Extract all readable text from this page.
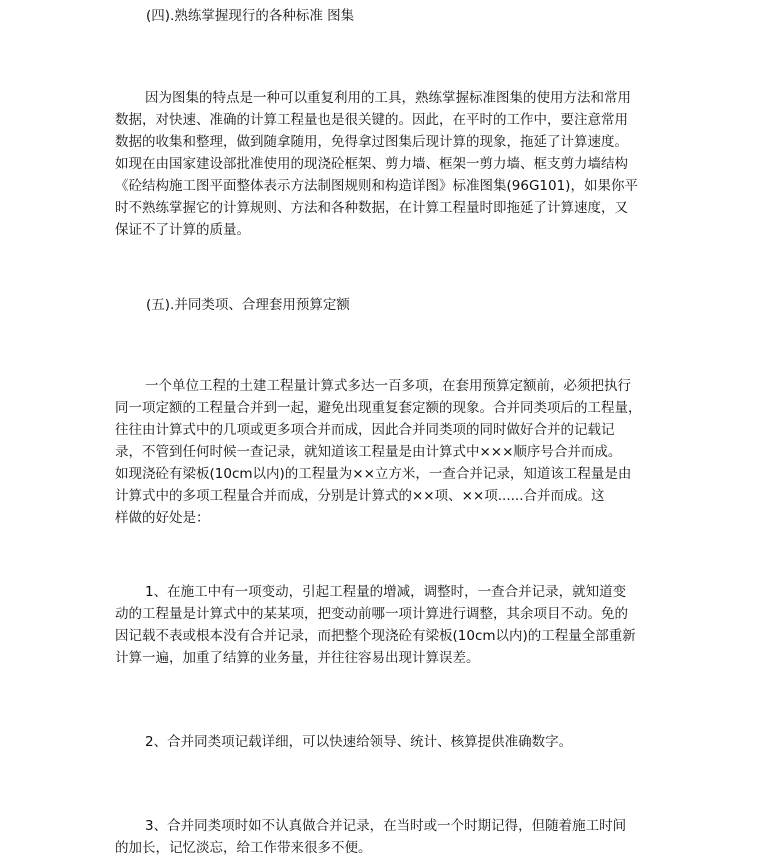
(四).熟练掌握现行的各种标准 图集
因为图集的特点是一种可以重复利用的工具，熟练掌握标准图集的使用方法和常用
数据，对快速、准确的计算工程量也是很关键的。因此，在平时的工作中，要注意常用
数据的收集和整理，做到随拿随用，免得拿过图集后现计算的现象，拖延了计算速度。
如现在由国家建设部批准使用的现浇砼框架、剪力墙、框架一剪力墙、框支剪力墙结构
《砼结构施工图平面整体表示方法制图规则和构造详图》标准图集(96G101)，如果你平
时不熟练掌握它的计算规则、方法和各种数据，在计算工程量时即拖延了计算速度，又
保证不了计算的质量。
(五).并同类项、合理套用预算定额
一个单位工程的土建工程量计算式多达一百多项，在套用预算定额前，必须把执行
同一项定额的工程量合并到一起，避免出现重复套定额的现象。合并同类项后的工程量，
往往由计算式中的几项或更多项合并而成，因此合并同类项的同时做好合并的记载记
录，不管到任何时候一查记录，就知道该工程量是由计算式中×××顺序号合并而成。
如现浇砼有梁板(10cm以内)的工程量为××立方米，一查合并记录，知道该工程量是由
计算式中的多项工程量合并而成，分别是计算式的××项、××项......合并而成。这
样做的好处是：
1、在施工中有一项变动，引起工程量的增减，调整时，一查合并记录，就知道变
动的工程量是计算式中的某某项，把变动前哪一项计算进行调整，其余项目不动。免的
因记载不表或根本没有合并记录，而把整个现浇砼有梁板(10cm以内)的工程量全部重新
计算一遍，加重了结算的业务量，并往往容易出现计算误差。
2、合并同类项记载详细，可以快速给领导、统计、核算提供准确数字。
3、合并同类项时如不认真做合并记录，在当时或一个时期记得，但随着施工时间
的加长，记忆淡忘，给工作带来很多不便。
